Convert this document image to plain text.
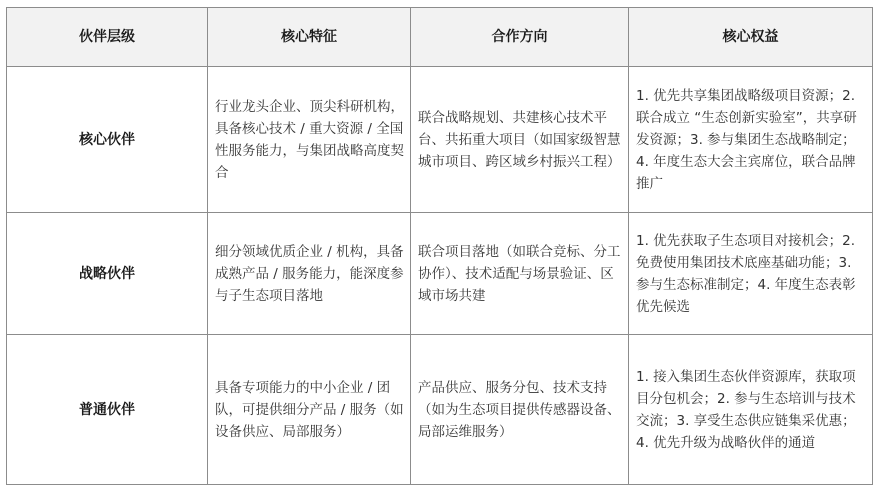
伙伴层级	核心特征	合作方向	核心权益
核心伙伴	行业龙头企业、顶尖科研机构，具备核心技术 / 重大资源 / 全国性服务能力，与集团战略高度契合	联合战略规划、共建核心技术平台、共拓重大项目（如国家级智慧城市项目、跨区域乡村振兴工程）	1. 优先共享集团战略级项目资源；2. 联合成立 “生态创新实验室”，共享研发资源；3. 参与集团生态战略制定；4. 年度生态大会主宾席位，联合品牌推广
战略伙伴	细分领域优质企业 / 机构，具备成熟产品 / 服务能力，能深度参与子生态项目落地	联合项目落地（如联合竞标、分工协作）、技术适配与场景验证、区域市场共建	1. 优先获取子生态项目对接机会；2. 免费使用集团技术底座基础功能；3. 参与生态标准制定；4. 年度生态表彰优先候选
普通伙伴	具备专项能力的中小企业 / 团队，可提供细分产品 / 服务（如设备供应、局部服务）	产品供应、服务分包、技术支持（如为生态项目提供传感器设备、局部运维服务）	1. 接入集团生态伙伴资源库，获取项目分包机会；2. 参与生态培训与技术交流；3. 享受生态供应链集采优惠；4. 优先升级为战略伙伴的通道
